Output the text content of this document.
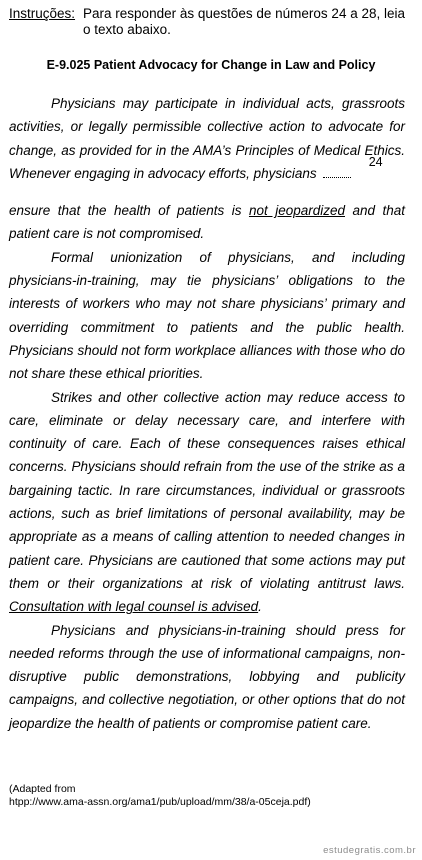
Instruções: Para responder às questões de números 24 a 28, leia o texto abaixo.
E-9.025 Patient Advocacy for Change in Law and Policy

Physicians may participate in individual acts, grassroots activities, or legally permissible collective action to advocate for change, as provided for in the AMA’s Principles of Medical Ethics. Whenever engaging in advocacy efforts, physicians
24

ensure that the health of patients is not jeopardized and that patient care is not compromised.

Formal unionization of physicians, and including physicians-in-training, may tie physicians’ obligations to the interests of workers who may not share physicians’ primary and overriding commitment to patients and the public health. Physicians should not form workplace alliances with those who do not share these ethical priorities.

Strikes and other collective action may reduce access to care, eliminate or delay necessary care, and interfere with continuity of care. Each of these consequences raises ethical concerns. Physicians should refrain from the use of the strike as a bargaining tactic. In rare circumstances, individual or grassroots actions, such as brief limitations of personal availability, may be appropriate as a means of calling attention to needed changes in patient care. Physicians are cautioned that some actions may put them or their organizations at risk of violating antitrust laws. Consultation with legal counsel is advised.

Physicians and physicians-in-training should press for needed reforms through the use of informational campaigns, non-disruptive public demonstrations, lobbying and publicity campaigns, and collective negotiation, or other options that do not jeopardize the health of patients or compromise patient care.

(Adapted from
htpp://www.ama-assn.org/ama1/pub/upload/mm/38/a-05ceja.pdf)
estudegratis.com.br
